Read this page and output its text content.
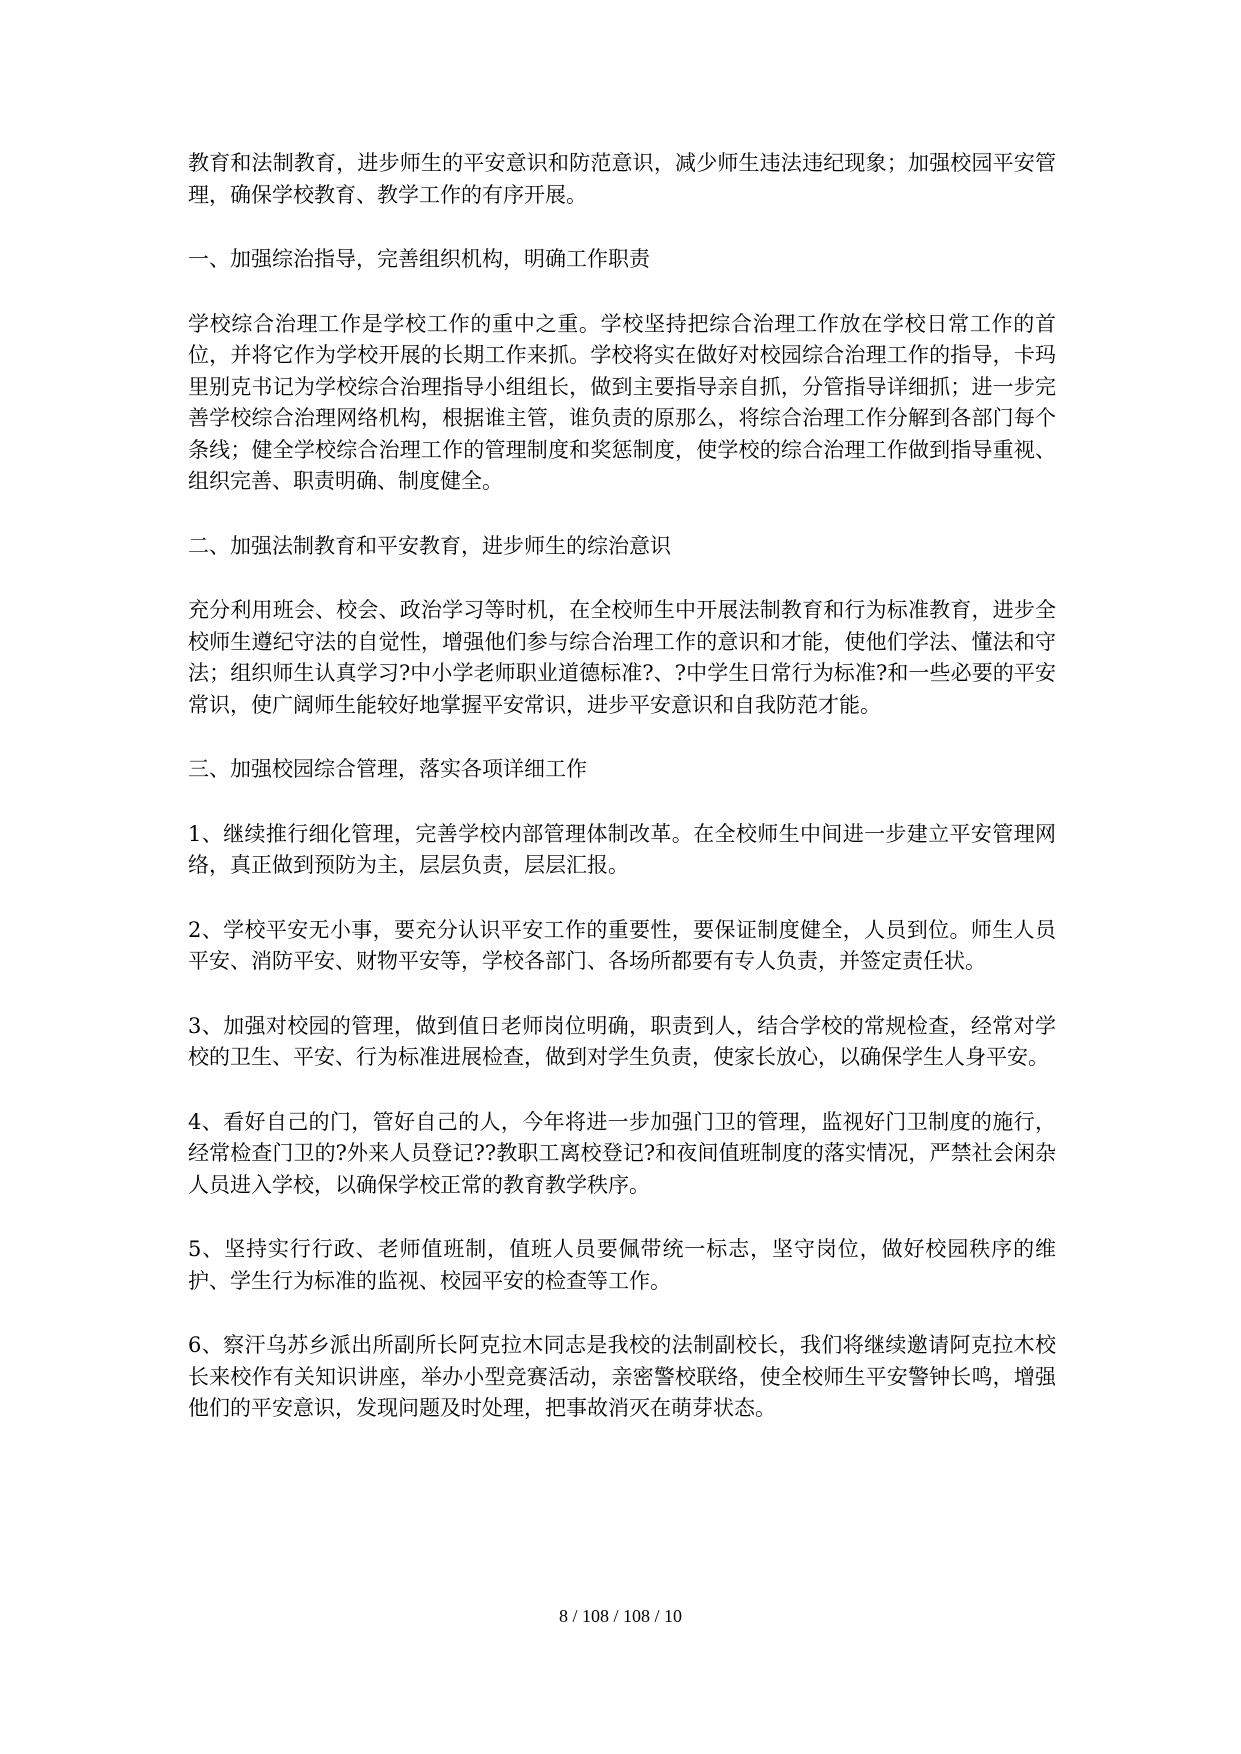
教育和法制教育，进步师生的平安意识和防范意识，减少师生违法违纪现象；加强校园平安管理，确保学校教育、教学工作的有序开展。

一、加强综治指导，完善组织机构，明确工作职责

学校综合治理工作是学校工作的重中之重。学校坚持把综合治理工作放在学校日常工作的首位，并将它作为学校开展的长期工作来抓。学校将实在做好对校园综合治理工作的指导，卡玛里别克书记为学校综合治理指导小组组长，做到主要指导亲自抓，分管指导详细抓；进一步完善学校综合治理网络机构，根据谁主管，谁负责的原那么，将综合治理工作分解到各部门每个条线；健全学校综合治理工作的管理制度和奖惩制度，使学校的综合治理工作做到指导重视、组织完善、职责明确、制度健全。

二、加强法制教育和平安教育，进步师生的综治意识

充分利用班会、校会、政治学习等时机，在全校师生中开展法制教育和行为标准教育，进步全校师生遵纪守法的自觉性，增强他们参与综合治理工作的意识和才能，使他们学法、懂法和守法；组织师生认真学习?中小学老师职业道德标准?、?中学生日常行为标准?和一些必要的平安常识，使广阔师生能较好地掌握平安常识，进步平安意识和自我防范才能。

三、加强校园综合管理，落实各项详细工作

1、继续推行细化管理，完善学校内部管理体制改革。在全校师生中间进一步建立平安管理网络，真正做到预防为主，层层负责，层层汇报。

2、学校平安无小事，要充分认识平安工作的重要性，要保证制度健全，人员到位。师生人员平安、消防平安、财物平安等，学校各部门、各场所都要有专人负责，并签定责任状。

3、加强对校园的管理，做到值日老师岗位明确，职责到人，结合学校的常规检查，经常对学校的卫生、平安、行为标准进展检查，做到对学生负责，使家长放心，以确保学生人身平安。

4、看好自己的门，管好自己的人，今年将进一步加强门卫的管理，监视好门卫制度的施行，经常检查门卫的?外来人员登记??教职工离校登记?和夜间值班制度的落实情况，严禁社会闲杂人员进入学校，以确保学校正常的教育教学秩序。

5、坚持实行行政、老师值班制，值班人员要佩带统一标志，坚守岗位，做好校园秩序的维护、学生行为标准的监视、校园平安的检查等工作。

6、察汗乌苏乡派出所副所长阿克拉木同志是我校的法制副校长，我们将继续邀请阿克拉木校长来校作有关知识讲座，举办小型竞赛活动，亲密警校联络，使全校师生平安警钟长鸣，增强他们的平安意识，发现问题及时处理，把事故消灭在萌芽状态。

8 / 108 / 108 / 10
